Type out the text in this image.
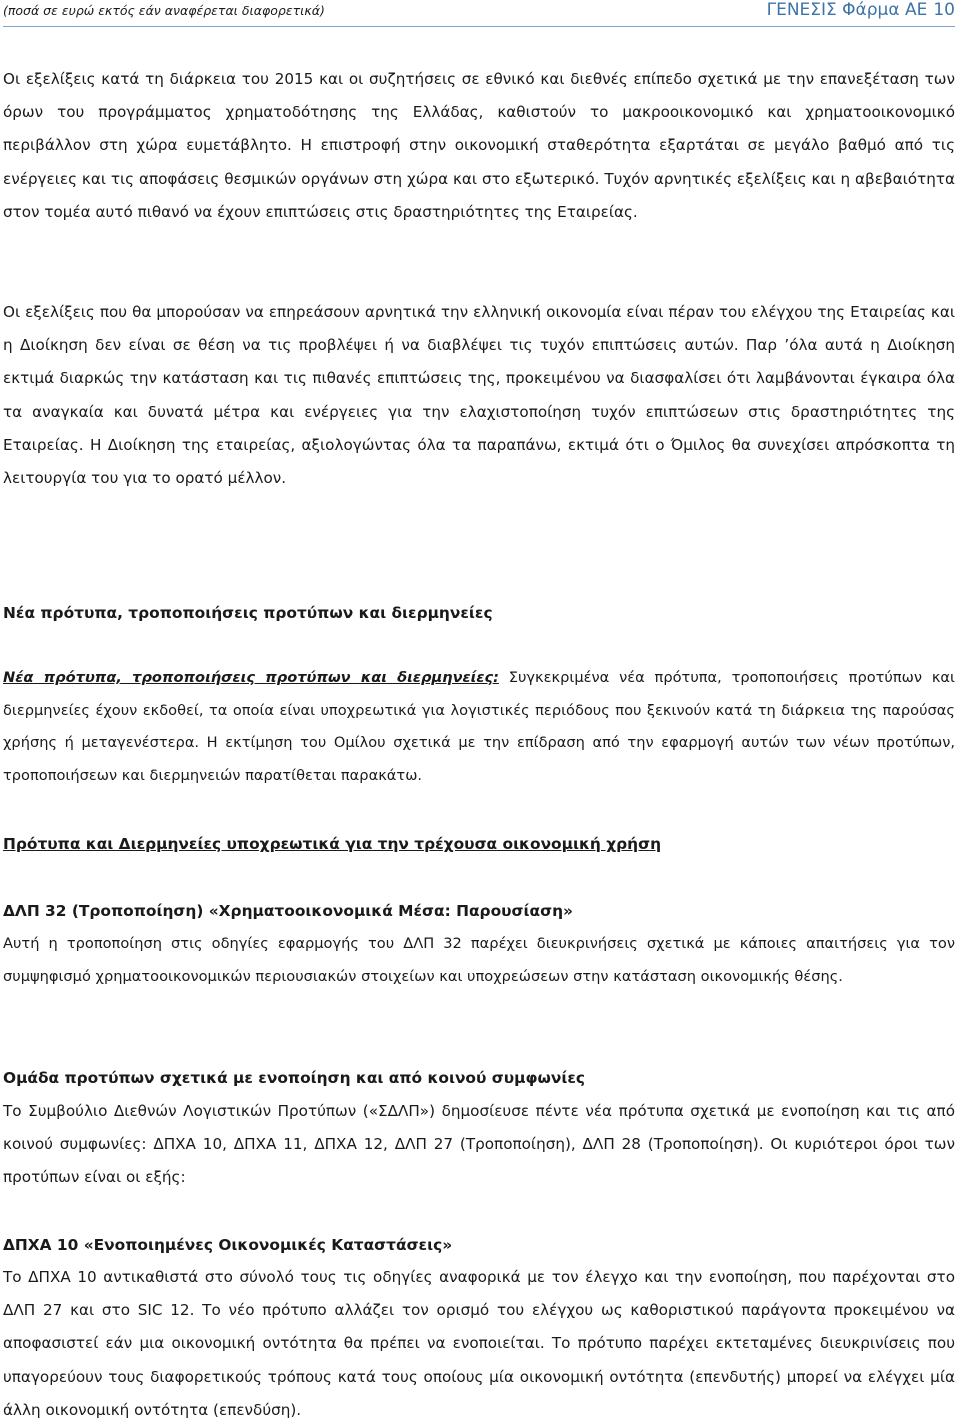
(ποσά σε ευρώ εκτός εάν αναφέρεται διαφορετικά)	ΓΕΝΕΣΙΣ Φάρμα ΑΕ 10

Οι εξελίξεις κατά τη διάρκεια του 2015 και οι συζητήσεις σε εθνικό και διεθνές επίπεδο σχετικά με την επανεξέταση των όρων του προγράμματος χρηματοδότησης της Ελλάδας, καθιστούν το μακροοικονομικό και χρηματοοικονομικό περιβάλλον στη χώρα ευμετάβλητο. Η επιστροφή στην οικονομική σταθερότητα εξαρτάται σε μεγάλο βαθμό από τις ενέργειες και τις αποφάσεις θεσμικών οργάνων στη χώρα και στο εξωτερικό. Τυχόν αρνητικές εξελίξεις και η αβεβαιότητα στον τομέα αυτό πιθανό να έχουν επιπτώσεις στις δραστηριότητες της Εταιρείας.

Οι εξελίξεις που θα μπορούσαν να επηρεάσουν αρνητικά την ελληνική οικονομία είναι πέραν του ελέγχου της Εταιρείας και η Διοίκηση δεν είναι σε θέση να τις προβλέψει ή να διαβλέψει τις τυχόν επιπτώσεις αυτών. Παρ ’όλα αυτά η Διοίκηση εκτιμά διαρκώς την κατάσταση και τις πιθανές επιπτώσεις της, προκειμένου να διασφαλίσει ότι λαμβάνονται έγκαιρα όλα τα αναγκαία και δυνατά μέτρα και ενέργειες για την ελαχιστοποίηση τυχόν επιπτώσεων στις δραστηριότητες της Εταιρείας. Η Διοίκηση της εταιρείας, αξιολογώντας όλα τα παραπάνω, εκτιμά ότι ο Όμιλος θα συνεχίσει απρόσκοπτα τη λειτουργία του για το ορατό μέλλον.

Νέα πρότυπα, τροποποιήσεις προτύπων και διερμηνείες

Νέα πρότυπα, τροποποιήσεις προτύπων και διερμηνείες: Συγκεκριμένα νέα πρότυπα, τροποποιήσεις προτύπων και διερμηνείες έχουν εκδοθεί, τα οποία είναι υποχρεωτικά για λογιστικές περιόδους που ξεκινούν κατά τη διάρκεια της παρούσας χρήσης ή μεταγενέστερα. Η εκτίμηση του Ομίλου σχετικά με την επίδραση από την εφαρμογή αυτών των νέων προτύπων, τροποποιήσεων και διερμηνειών παρατίθεται παρακάτω.

Πρότυπα και Διερμηνείες υποχρεωτικά για την τρέχουσα οικονομική χρήση
ΔΛΠ 32 (Τροποποίηση) «Χρηματοοικονομικά Μέσα: Παρουσίαση»

Αυτή η τροποποίηση στις οδηγίες εφαρμογής του ΔΛΠ 32 παρέχει διευκρινήσεις σχετικά με κάποιες απαιτήσεις για τον συμψηφισμό χρηματοοικονομικών περιουσιακών στοιχείων και υποχρεώσεων στην κατάσταση οικονομικής θέσης.

Ομάδα προτύπων σχετικά με ενοποίηση και από κοινού συμφωνίες

Το Συμβούλιο Διεθνών Λογιστικών Προτύπων («ΣΔΛΠ») δημοσίευσε πέντε νέα πρότυπα σχετικά με ενοποίηση και τις από κοινού συμφωνίες: ΔΠΧΑ 10, ΔΠΧΑ 11, ΔΠΧΑ 12, ΔΛΠ 27 (Τροποποίηση), ΔΛΠ 28 (Τροποποίηση). Οι κυριότεροι όροι των προτύπων είναι οι εξής:

ΔΠΧΑ 10 «Ενοποιημένες Οικονομικές Καταστάσεις»

Το ΔΠΧΑ 10 αντικαθιστά στο σύνολό τους τις οδηγίες αναφορικά με τον έλεγχο και την ενοποίηση, που παρέχονται στο ΔΛΠ 27 και στο SIC 12. Το νέο πρότυπο αλλάζει τον ορισμό του ελέγχου ως καθοριστικού παράγοντα προκειμένου να αποφασιστεί εάν μια οικονομική οντότητα θα πρέπει να ενοποιείται. Το πρότυπο παρέχει εκτεταμένες διευκρινίσεις που υπαγορεύουν τους διαφορετικούς τρόπους κατά τους οποίους μία οικονομική οντότητα (επενδυτής) μπορεί να ελέγχει μία άλλη οικονομική οντότητα (επενδύση).
